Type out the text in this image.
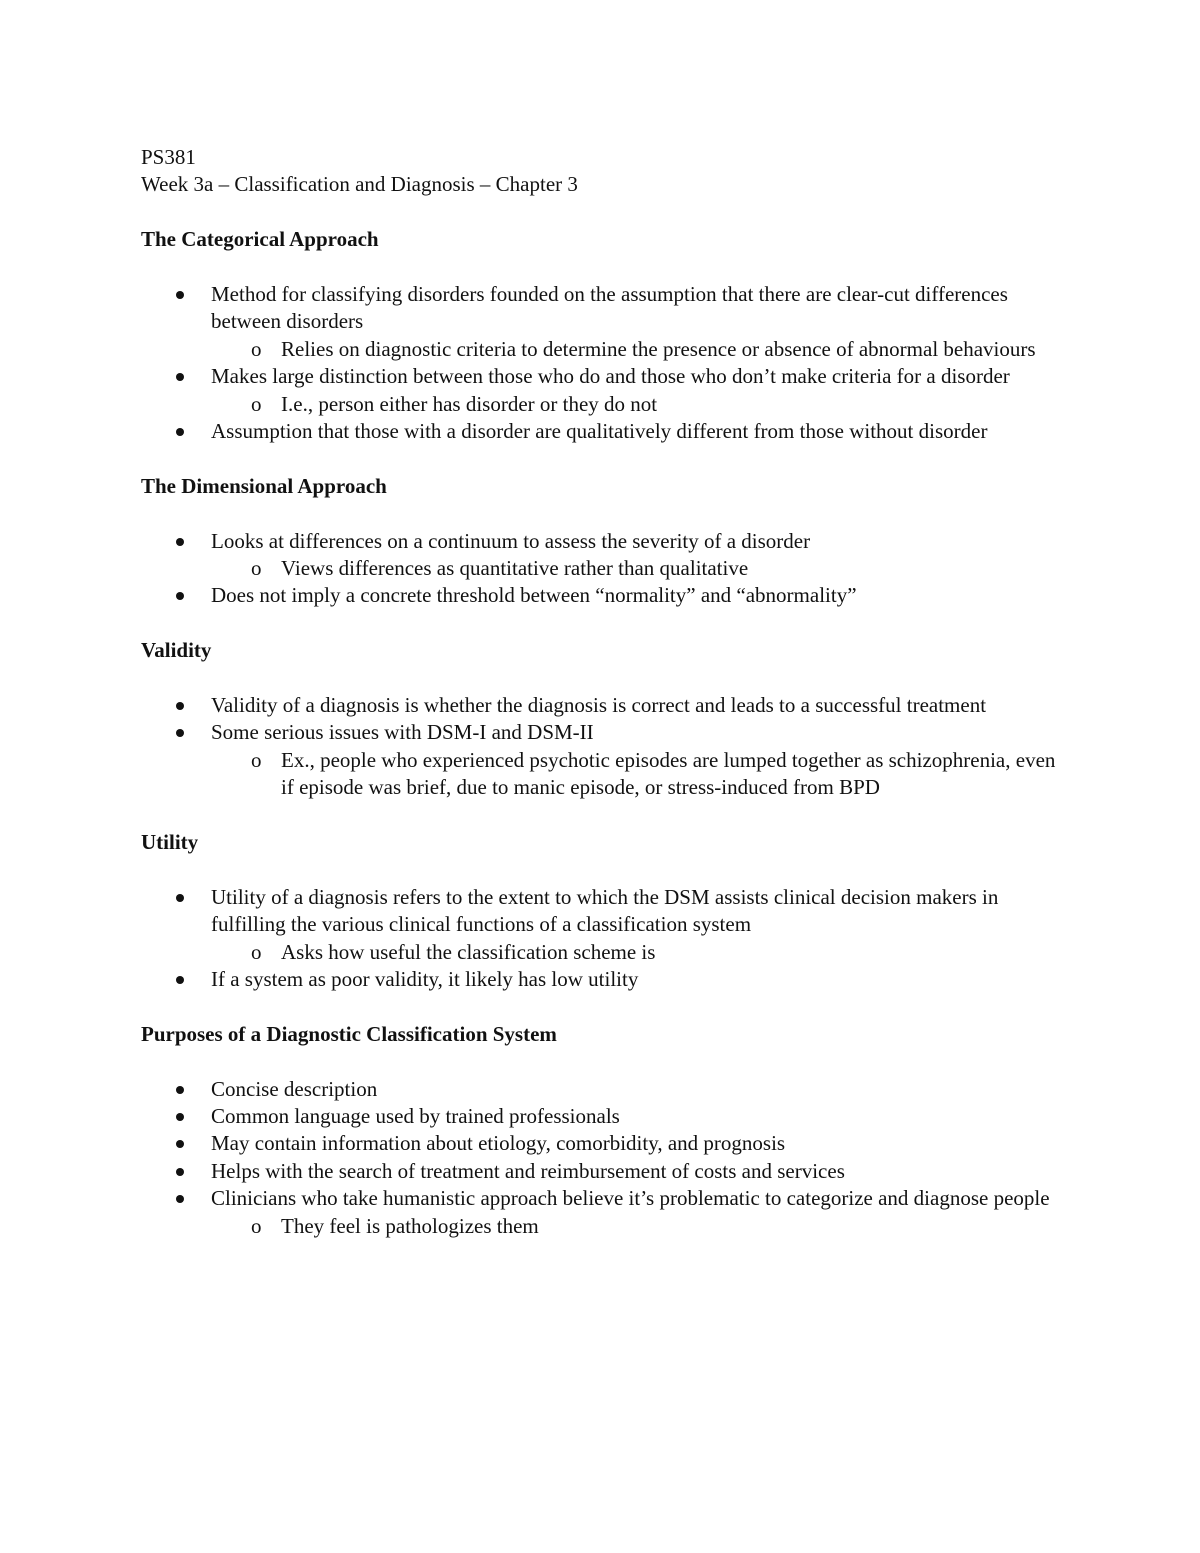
PS381

Week 3a – Classification and Diagnosis – Chapter 3

The Categorical Approach

Method for classifying disorders founded on the assumption that there are clear-cut differences between disorders
o Relies on diagnostic criteria to determine the presence or absence of abnormal behaviours
Makes large distinction between those who do and those who don’t make criteria for a disorder
o I.e., person either has disorder or they do not
Assumption that those with a disorder are qualitatively different from those without disorder

The Dimensional Approach

Looks at differences on a continuum to assess the severity of a disorder
o Views differences as quantitative rather than qualitative
Does not imply a concrete threshold between “normality” and “abnormality”

Validity

Validity of a diagnosis is whether the diagnosis is correct and leads to a successful treatment
Some serious issues with DSM-I and DSM-II
o Ex., people who experienced psychotic episodes are lumped together as schizophrenia, even if episode was brief, due to manic episode, or stress-induced from BPD

Utility

Utility of a diagnosis refers to the extent to which the DSM assists clinical decision makers in fulfilling the various clinical functions of a classification system
o Asks how useful the classification scheme is
If a system as poor validity, it likely has low utility

Purposes of a Diagnostic Classification System

Concise description
Common language used by trained professionals
May contain information about etiology, comorbidity, and prognosis
Helps with the search of treatment and reimbursement of costs and services
Clinicians who take humanistic approach believe it’s problematic to categorize and diagnose people
o They feel is pathologizes them
